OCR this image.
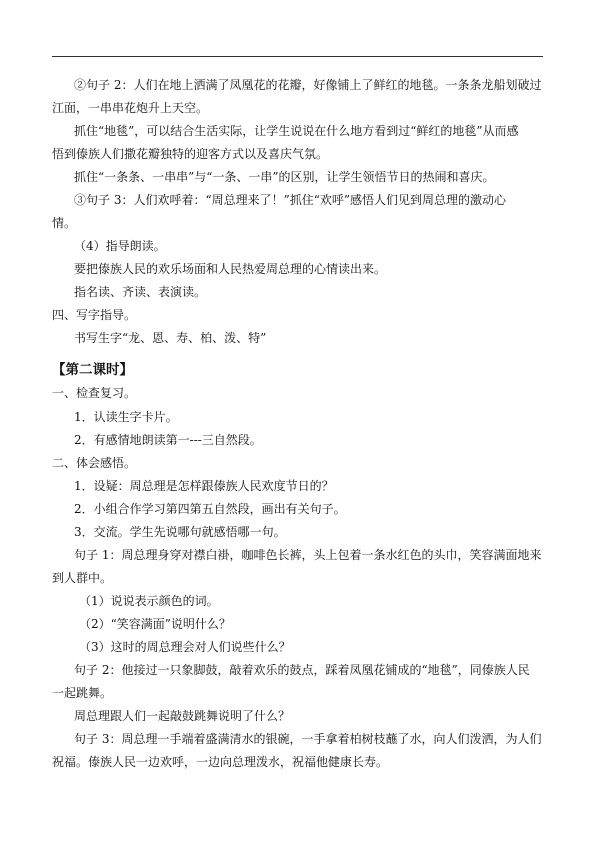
②句子 2：人们在地上洒满了凤凰花的花瓣，好像铺上了鲜红的地毯。一条条龙船划破过
江面，一串串花炮升上天空。
抓住“地毯”，可以结合生活实际，让学生说说在什么地方看到过“鲜红的地毯”从而感
悟到傣族人们撒花瓣独特的迎客方式以及喜庆气氛。
抓住“一条条、一串串”与“一条、一串”的区别，让学生领悟节日的热闹和喜庆。
③句子 3：人们欢呼着：“周总理来了！”抓住“欢呼”感悟人们见到周总理的激动心
情。
（4）指导朗读。
要把傣族人民的欢乐场面和人民热爱周总理的心情读出来。
指名读、齐读、表演读。
四、写字指导。
书写生字“龙、恩、寿、柏、泼、特”
【第二课时】
一、检查复习。
1．认读生字卡片。
2．有感情地朗读第一---三自然段。
二、体会感悟。
1．设疑：周总理是怎样跟傣族人民欢度节日的？
2．小组合作学习第四第五自然段，画出有关句子。
3．交流。学生先说哪句就感悟哪一句。
句子 1：周总理身穿对襟白褂，咖啡色长裤，头上包着一条水红色的头巾，笑容满面地来
到人群中。
（1）说说表示颜色的词。
（2）“笑容满面”说明什么？
（3）这时的周总理会对人们说些什么？
句子 2：他接过一只象脚鼓，敲着欢乐的鼓点，踩着凤凰花铺成的“地毯”，同傣族人民
一起跳舞。
周总理跟人们一起敲鼓跳舞说明了什么？
句子 3：周总理一手端着盛满清水的银碗，一手拿着柏树枝蘸了水，向人们泼洒，为人们
祝福。傣族人民一边欢呼，一边向总理泼水，祝福他健康长寿。
